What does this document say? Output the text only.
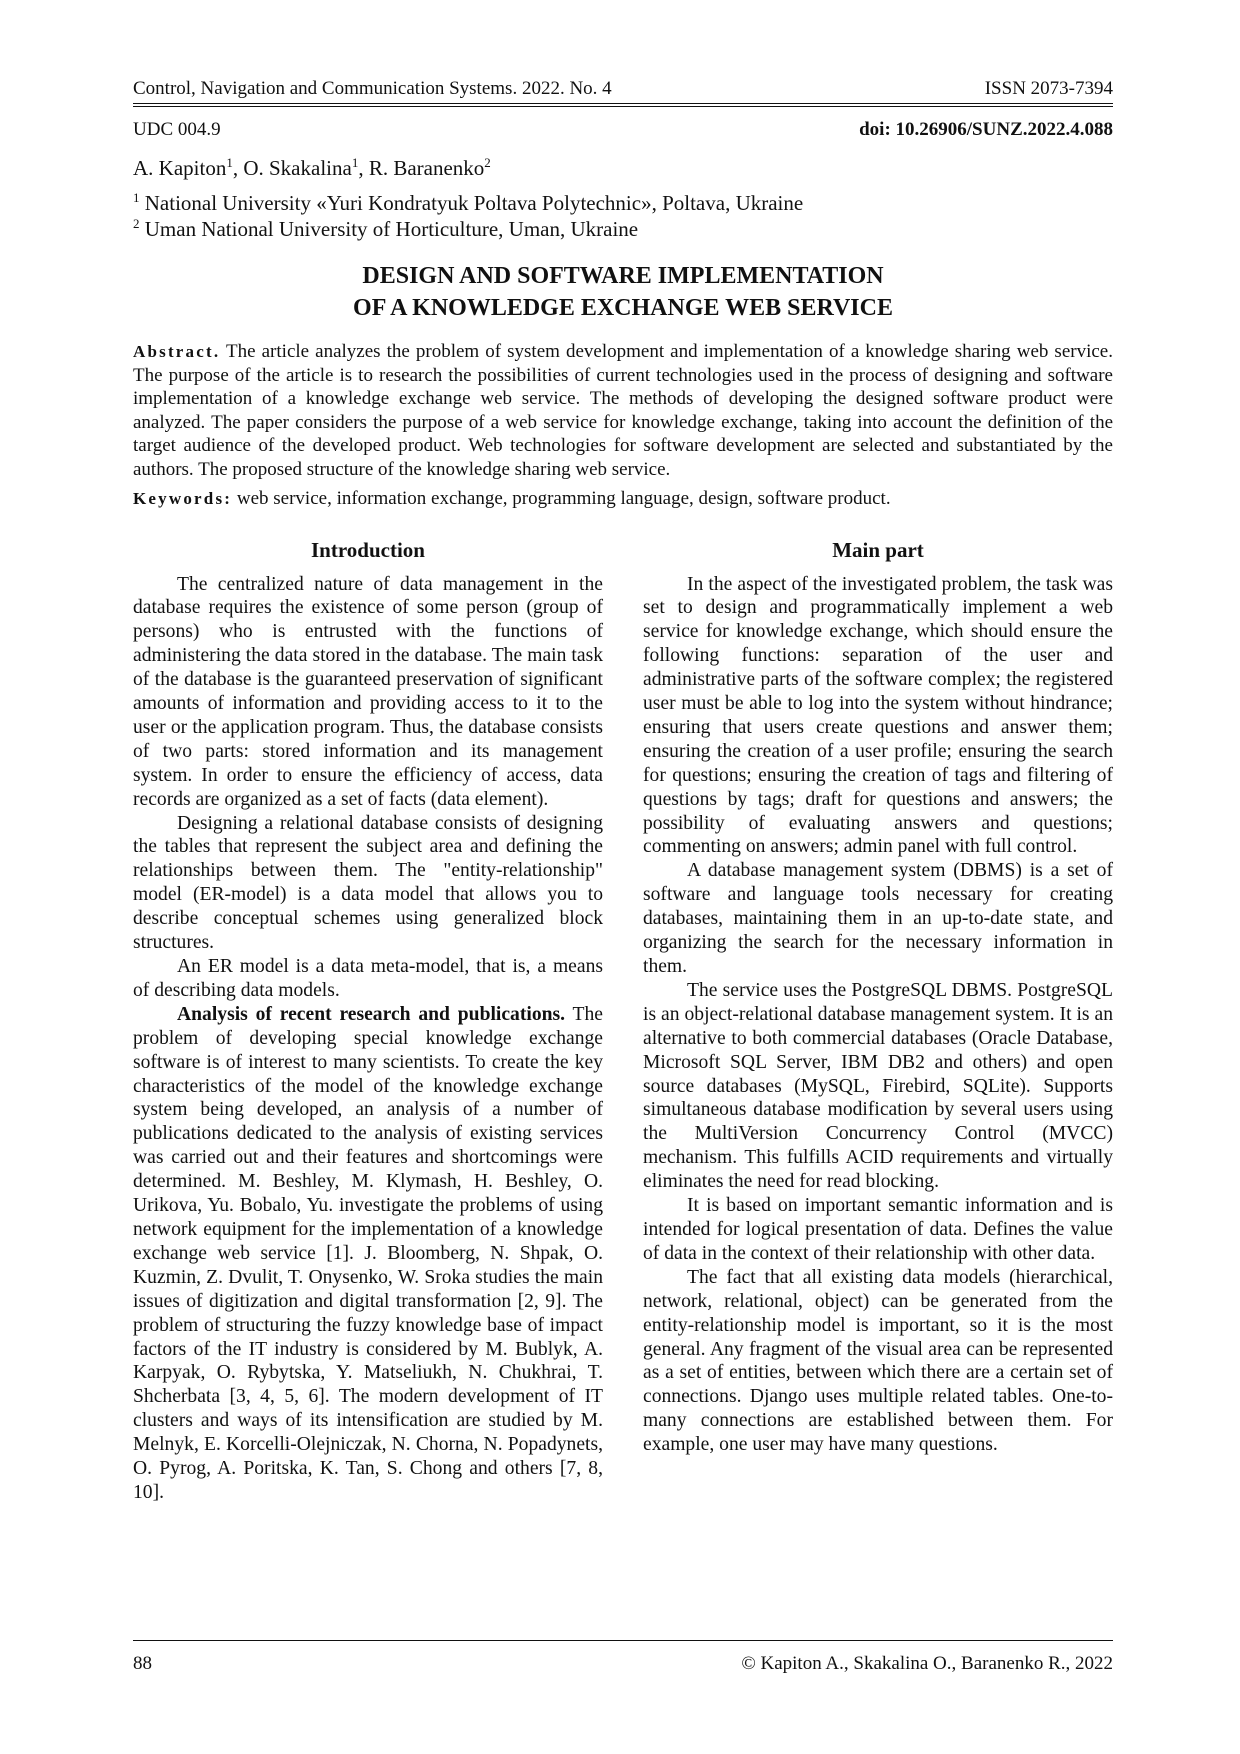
Control, Navigation and Communication Systems. 2022. No. 4	ISSN 2073-7394
UDC 004.9	doi: 10.26906/SUNZ.2022.4.088
A. Kapiton$^1$, O. Skakalina$^1$, R. Baranenko$^2$
$^1$ National University «Yuri Kondratyuk Poltava Polytechnic», Poltava, Ukraine
$^2$ Uman National University of Horticulture, Uman, Ukraine
DESIGN AND SOFTWARE IMPLEMENTATION
OF A KNOWLEDGE EXCHANGE WEB SERVICE
Abstract. The article analyzes the problem of system development and implementation of a knowledge sharing web service. The purpose of the article is to research the possibilities of current technologies used in the process of designing and software implementation of a knowledge exchange web service. The methods of developing the designed software product were analyzed. The paper considers the purpose of a web service for knowledge exchange, taking into account the definition of the target audience of the developed product. Web technologies for software development are selected and substantiated by the authors. The proposed structure of the knowledge sharing web service.
Keywords: web service, information exchange, programming language, design, software product.
Introduction

The centralized nature of data management in the database requires the existence of some person (group of persons) who is entrusted with the functions of administering the data stored in the database. The main task of the database is the guaranteed preservation of significant amounts of information and providing access to it to the user or the application program. Thus, the database consists of two parts: stored information and its management system. In order to ensure the efficiency of access, data records are organized as a set of facts (data element).

Designing a relational database consists of designing the tables that represent the subject area and defining the relationships between them. The "entity-relationship" model (ER-model) is a data model that allows you to describe conceptual schemes using generalized block structures.

An ER model is a data meta-model, that is, a means of describing data models.

Analysis of recent research and publications. The problem of developing special knowledge exchange software is of interest to many scientists. To create the key characteristics of the model of the knowledge exchange system being developed, an analysis of a number of publications dedicated to the analysis of existing services was carried out and their features and shortcomings were determined. M. Beshley, M. Klymash, H. Beshley, O. Urikova, Yu. Bobalo, Yu. investigate the problems of using network equipment for the implementation of a knowledge exchange web service [1]. J. Bloomberg, N. Shpak, O. Kuzmin, Z. Dvulit, T. Onysenko, W. Sroka studies the main issues of digitization and digital transformation [2, 9]. The problem of structuring the fuzzy knowledge base of impact factors of the IT industry is considered by M. Bublyk, A. Karpyak, O. Rybytska, Y. Matseliukh, N. Chukhrai, T. Shcherbata [3, 4, 5, 6]. The modern development of IT clusters and ways of its intensification are studied by M. Melnyk, E. Korcelli-Olejniczak, N. Chorna, N. Popadynets, O. Pyrog, A. Poritska, K. Tan, S. Chong and others [7, 8, 10].

Main part

In the aspect of the investigated problem, the task was set to design and programmatically implement a web service for knowledge exchange, which should ensure the following functions: separation of the user and administrative parts of the software complex; the registered user must be able to log into the system without hindrance; ensuring that users create questions and answer them; ensuring the creation of a user profile; ensuring the search for questions; ensuring the creation of tags and filtering of questions by tags; draft for questions and answers; the possibility of evaluating answers and questions; commenting on answers; admin panel with full control.

A database management system (DBMS) is a set of software and language tools necessary for creating databases, maintaining them in an up-to-date state, and organizing the search for the necessary information in them.

The service uses the PostgreSQL DBMS. PostgreSQL is an object-relational database management system. It is an alternative to both commercial databases (Oracle Database, Microsoft SQL Server, IBM DB2 and others) and open source databases (MySQL, Firebird, SQLite). Supports simultaneous database modification by several users using the MultiVersion Concurrency Control (MVCC) mechanism. This fulfills ACID requirements and virtually eliminates the need for read blocking.

It is based on important semantic information and is intended for logical presentation of data. Defines the value of data in the context of their relationship with other data.

The fact that all existing data models (hierarchical, network, relational, object) can be generated from the entity-relationship model is important, so it is the most general. Any fragment of the visual area can be represented as a set of entities, between which there are a certain set of connections. Django uses multiple related tables. One-to-many connections are established between them. For example, one user may have many questions.

88	© Kapiton A., Skakalina O., Baranenko R., 2022
